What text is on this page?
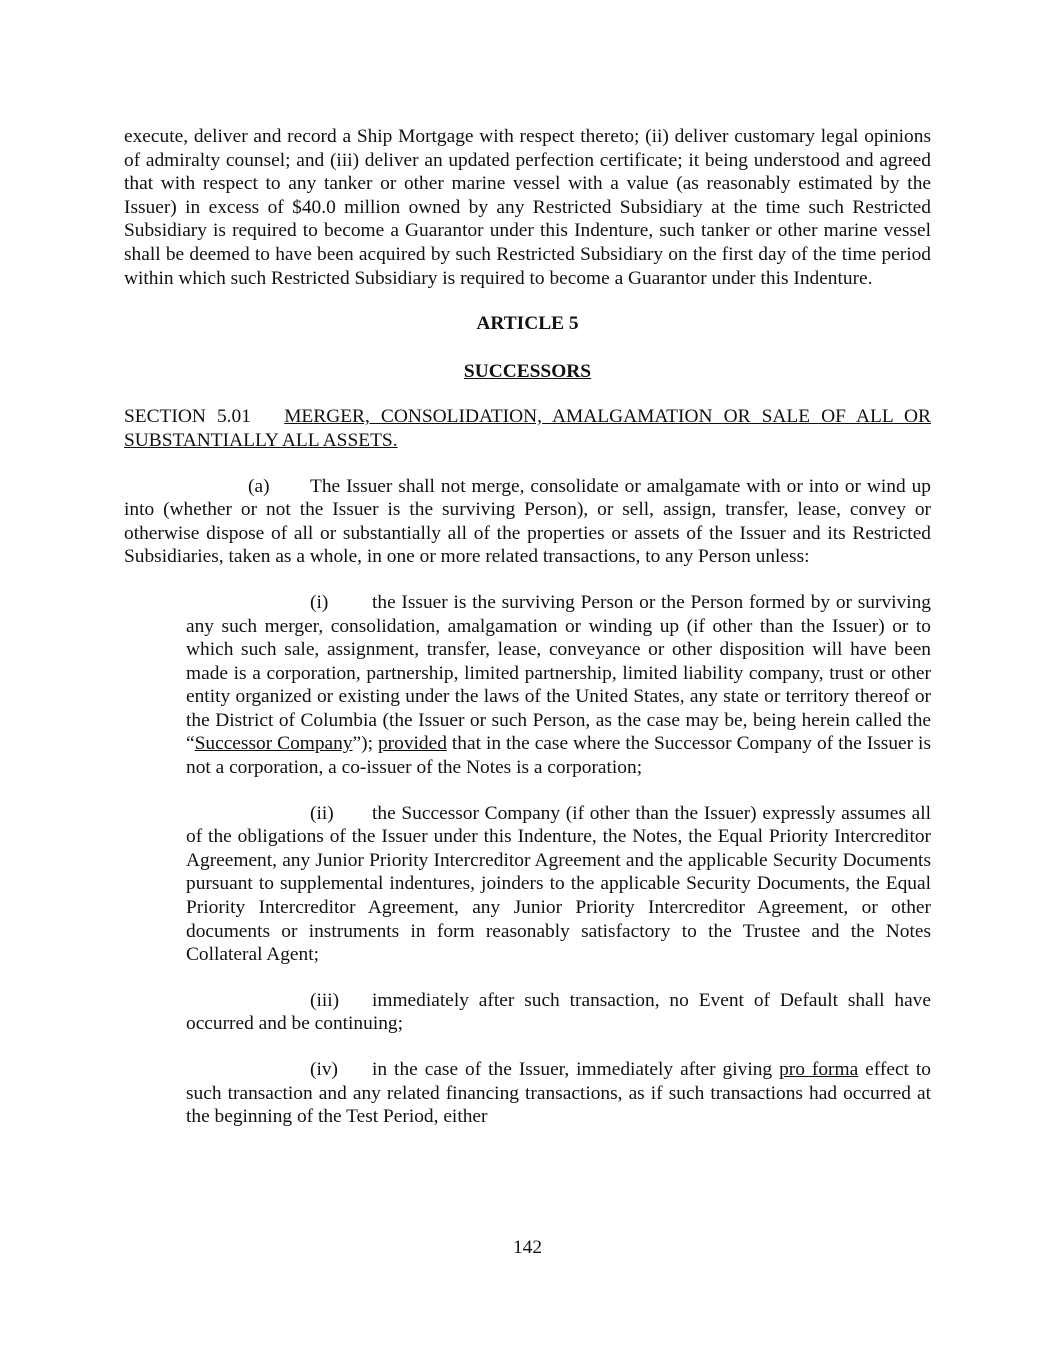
execute, deliver and record a Ship Mortgage with respect thereto; (ii) deliver customary legal opinions of admiralty counsel; and (iii) deliver an updated perfection certificate; it being understood and agreed that with respect to any tanker or other marine vessel with a value (as reasonably estimated by the Issuer) in excess of $40.0 million owned by any Restricted Subsidiary at the time such Restricted Subsidiary is required to become a Guarantor under this Indenture, such tanker or other marine vessel shall be deemed to have been acquired by such Restricted Subsidiary on the first day of the time period within which such Restricted Subsidiary is required to become a Guarantor under this Indenture.

ARTICLE 5

SUCCESSORS

SECTION 5.01 MERGER, CONSOLIDATION, AMALGAMATION OR SALE OF ALL OR SUBSTANTIALLY ALL ASSETS.

(a) The Issuer shall not merge, consolidate or amalgamate with or into or wind up into (whether or not the Issuer is the surviving Person), or sell, assign, transfer, lease, convey or otherwise dispose of all or substantially all of the properties or assets of the Issuer and its Restricted Subsidiaries, taken as a whole, in one or more related transactions, to any Person unless:

(i) the Issuer is the surviving Person or the Person formed by or surviving any such merger, consolidation, amalgamation or winding up (if other than the Issuer) or to which such sale, assignment, transfer, lease, conveyance or other disposition will have been made is a corporation, partnership, limited partnership, limited liability company, trust or other entity organized or existing under the laws of the United States, any state or territory thereof or the District of Columbia (the Issuer or such Person, as the case may be, being herein called the “Successor Company”); provided that in the case where the Successor Company of the Issuer is not a corporation, a co-issuer of the Notes is a corporation;

(ii) the Successor Company (if other than the Issuer) expressly assumes all of the obligations of the Issuer under this Indenture, the Notes, the Equal Priority Intercreditor Agreement, any Junior Priority Intercreditor Agreement and the applicable Security Documents pursuant to supplemental indentures, joinders to the applicable Security Documents, the Equal Priority Intercreditor Agreement, any Junior Priority Intercreditor Agreement, or other documents or instruments in form reasonably satisfactory to the Trustee and the Notes Collateral Agent;

(iii) immediately after such transaction, no Event of Default shall have occurred and be continuing;

(iv) in the case of the Issuer, immediately after giving pro forma effect to such transaction and any related financing transactions, as if such transactions had occurred at the beginning of the Test Period, either

142
